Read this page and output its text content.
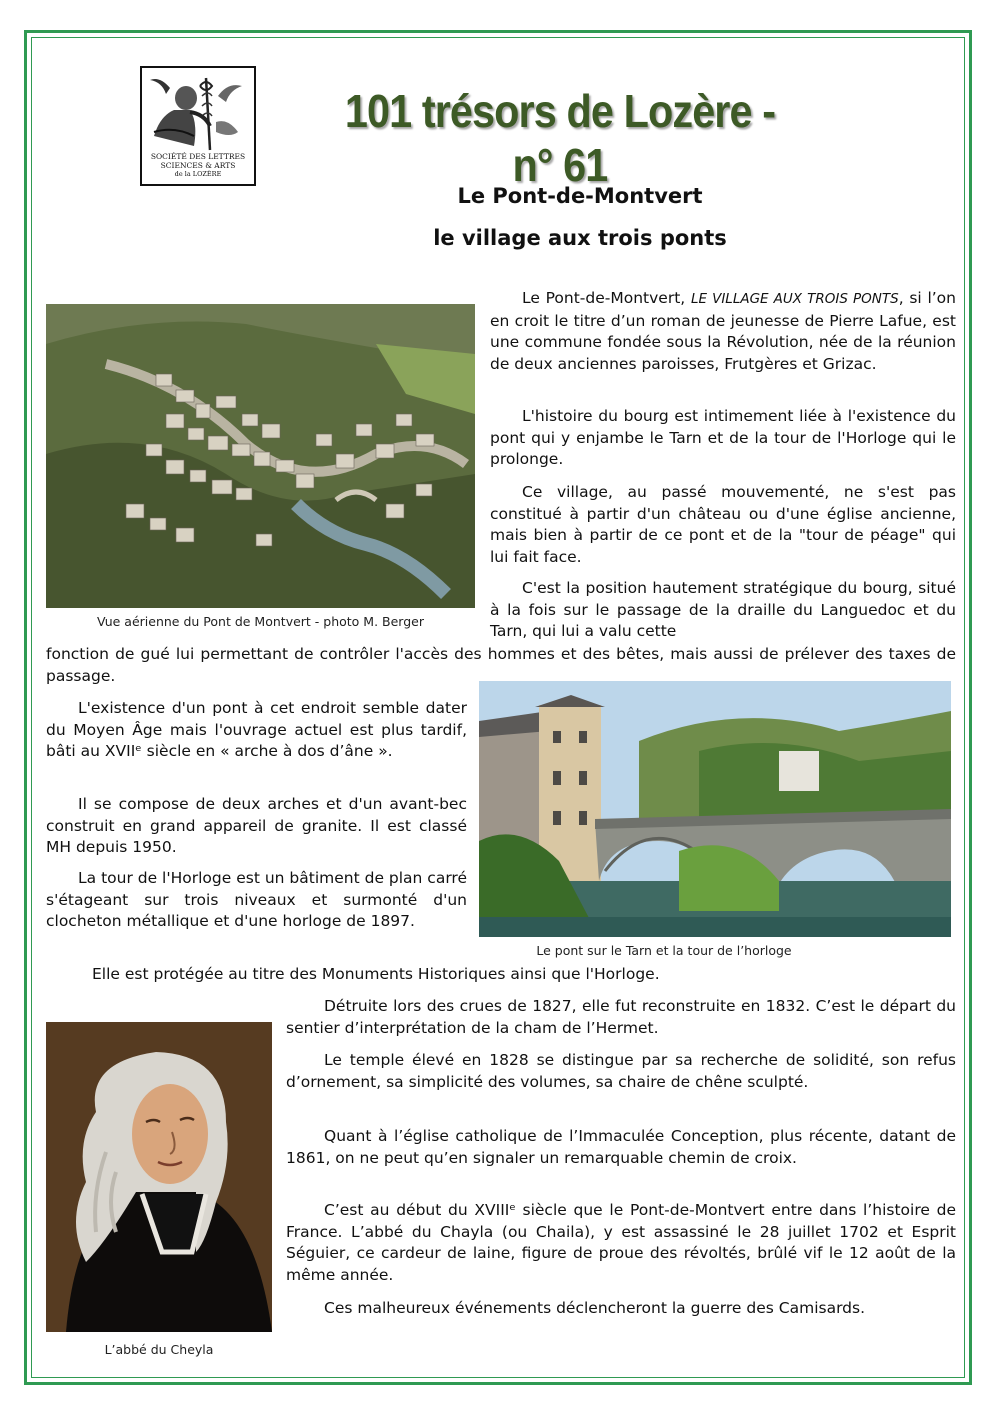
SOCIÉTÉ DES LETTRES
SCIENCES & ARTS
de la LOZÈRE
101 trésors de Lozère - n° 61
Le Pont-de-Montvert
le village aux trois ponts
Vue aérienne du Pont de Montvert - photo M. Berger

Le Pont-de-Montvert, LE VILLAGE AUX TROIS PONTS, si l’on en croit le titre d’un roman de jeunesse de Pierre Lafue, est une commune fondée sous la Révolution, née de la réunion de deux anciennes paroisses, Frutgères et Grizac.

L'histoire du bourg est intimement liée à l'existence du pont qui y enjambe le Tarn et de la tour de l'Horloge qui le prolonge.

Ce village, au passé mouvementé, ne s'est pas constitué à partir d'un château ou d'une église ancienne, mais bien à partir de ce pont et de la "tour de péage" qui lui fait face.

C'est la position hautement stratégique du bourg, situé à la fois sur le passage de la draille du Languedoc et du Tarn, qui lui a valu cette

fonction de gué lui permettant de contrôler l'accès des hommes et des bêtes, mais aussi de prélever des taxes de passage.

Le pont sur le Tarn et la tour de l’horloge

L'existence d'un pont à cet endroit semble dater du Moyen Âge mais l'ouvrage actuel est plus tardif, bâti au XVIIᵉ siècle en « arche à dos d’âne ».

Il se compose de deux arches et d'un avant-bec construit en grand appareil de granite. Il est classé MH depuis 1950.

La tour de l'Horloge est un bâtiment de plan carré s'étageant sur trois niveaux et surmonté d'un clocheton métallique et d'une horloge de 1897.

Elle est protégée au titre des Monuments Historiques ainsi que l'Horloge.

L’abbé du Cheyla

Détruite lors des crues de 1827, elle fut reconstruite en 1832. C’est le départ du sentier d’interprétation de la cham de l’Hermet.

Le temple élevé en 1828 se distingue par sa recherche de solidité, son refus d’ornement, sa simplicité des volumes, sa chaire de chêne sculpté.

Quant à l’église catholique de l’Immaculée Conception, plus récente, datant de 1861, on ne peut qu’en signaler un remarquable chemin de croix.

C’est au début du XVIIIᵉ siècle que le Pont-de-Montvert entre dans l’histoire de France. L’abbé du Chayla (ou Chaila), y est assassiné le 28 juillet 1702 et Esprit Séguier, ce cardeur de laine, figure de proue des révoltés, brûlé vif le 12 août de la même année.

Ces malheureux événements déclencheront la guerre des Camisards.
